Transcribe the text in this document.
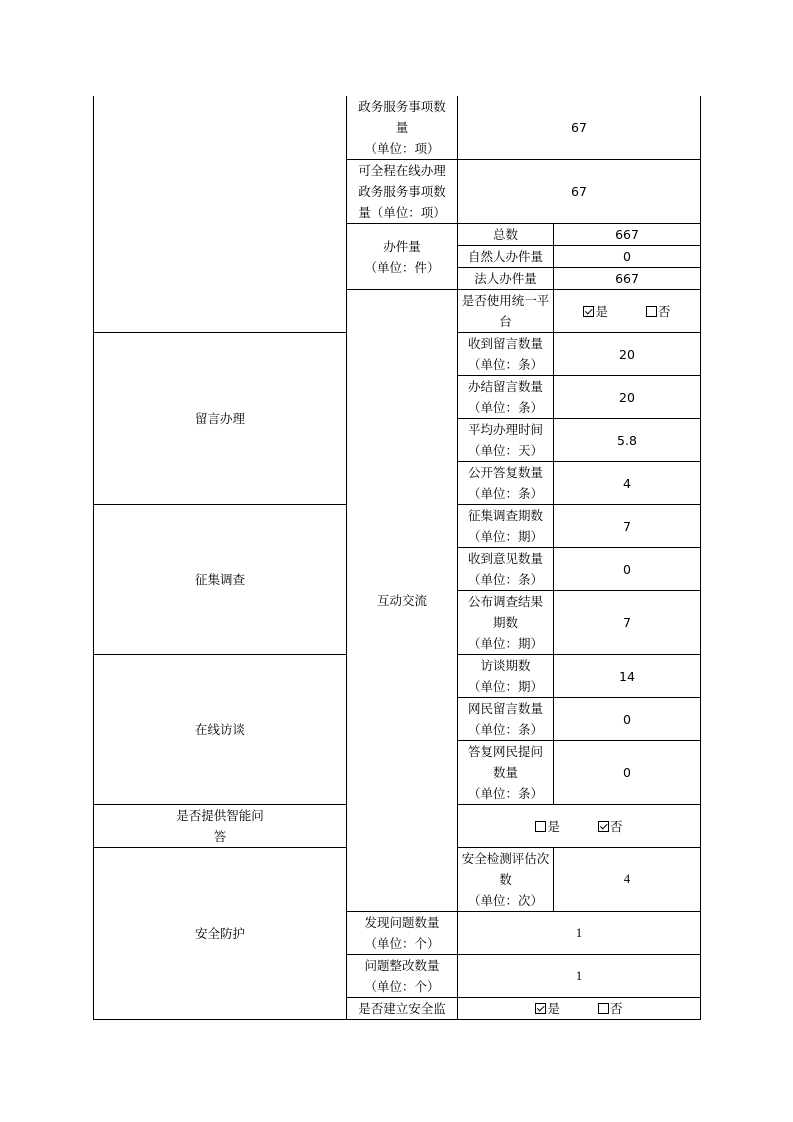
	政务服务事项数
量
（单位：项）	67	
	可全程在线办理
政务服务事项数
量（单位：项）	67	
	办件量
（单位：件）	总数	667
		自然人办件量	0
		法人办件量	667
	互动交流	是否使用统一平
台	是 否
留言办理		收到留言数量
（单位：条）	20
		办结留言数量
（单位：条）	20
		平均办理时间
（单位：天）	5.8
		公开答复数量
（单位：条）	4
征集调查		征集调查期数
（单位：期）	7
		收到意见数量
（单位：条）	0
		公布调查结果
期数
（单位：期）	7
在线访谈		访谈期数
（单位：期）	14
		网民留言数量
（单位：条）	0
		答复网民提问
数量
（单位：条）	0
是否提供智能问
答		是 否	
安全防护		安全检测评估次
数
（单位：次）	4
	发现问题数量
（单位：个）	1	
	问题整改数量
（单位：个）	1	
	是否建立安全监	是 否	
